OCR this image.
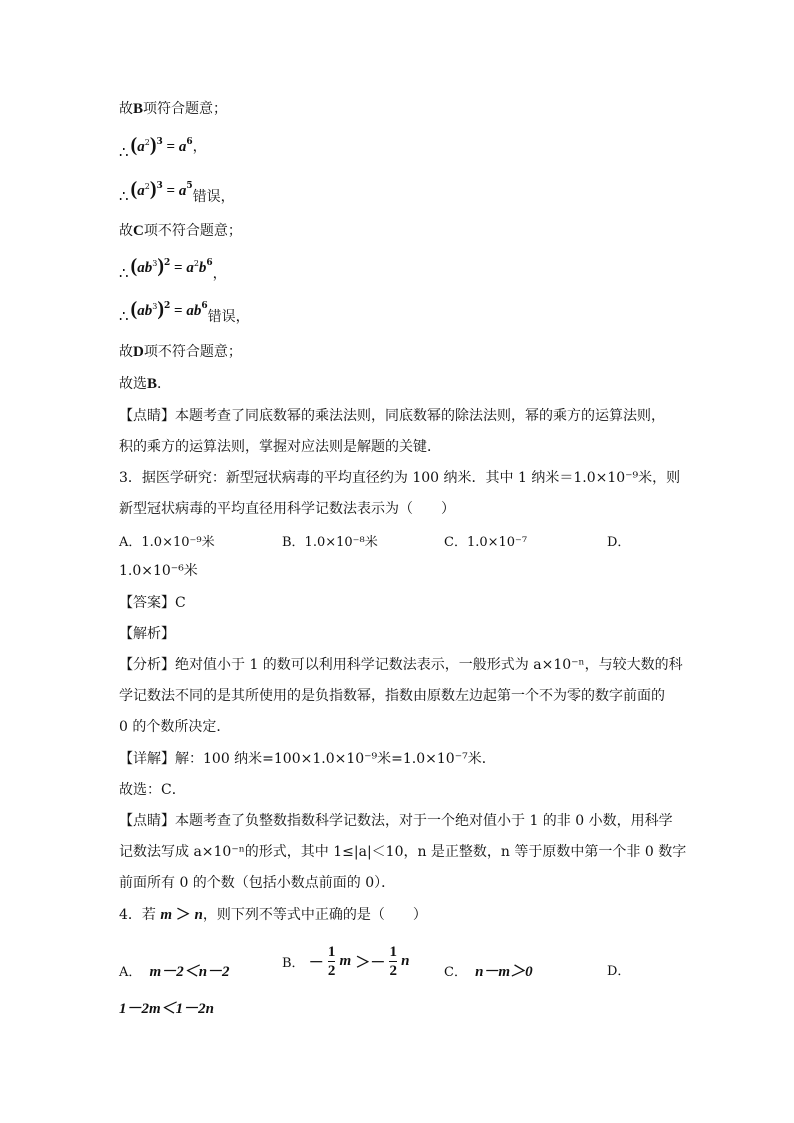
故B项符合题意；
∴ $(a^2)^3 = a^6$，
∴ $(a^2)^3 = a^5$错误，
故C项不符合题意；
∴ $(ab^3)^2 = a^2b^6$，
∴ $(ab^3)^2 = ab^6$错误，
故D项不符合题意；
故选B．
【点睛】本题考查了同底数幂的乘法法则，同底数幂的除法法则，幂的乘方的运算法则，
积的乘方的运算法则，掌握对应法则是解题的关键．
3．据医学研究：新型冠状病毒的平均直径约为 100 纳米．其中 1 纳米＝1.0×10⁻⁹米，则
新型冠状病毒的平均直径用科学记数法表示为（　　）
A．1.0×10⁻⁹米	B．1.0×10⁻⁸米	C．1.0×10⁻⁷	D．
1.0×10⁻⁶米
【答案】C
【解析】
【分析】绝对值小于 1 的数可以利用科学记数法表示，一般形式为 a×10⁻ⁿ，与较大数的科
学记数法不同的是其所使用的是负指数幂，指数由原数左边起第一个不为零的数字前面的
0 的个数所决定．
【详解】解：100 纳米=100×1.0×10⁻⁹米=1.0×10⁻⁷米．
故选：C．
【点睛】本题考查了负整数指数科学记数法，对于一个绝对值小于 1 的非 0 小数，用科学
记数法写成 a×10⁻ⁿ的形式，其中 1≤|a|＜10，n 是正整数，n 等于原数中第一个非 0 数字
前面所有 0 的个数（包括小数点前面的 0）．
4．若 m ＞ n，则下列不等式中正确的是（　　）
A． m－2＜n－2
B． － $\frac{1}{2}$ $m >- \frac{1}{2}$ n
C． n－m＞0	D．
1－2m＜1－2n
